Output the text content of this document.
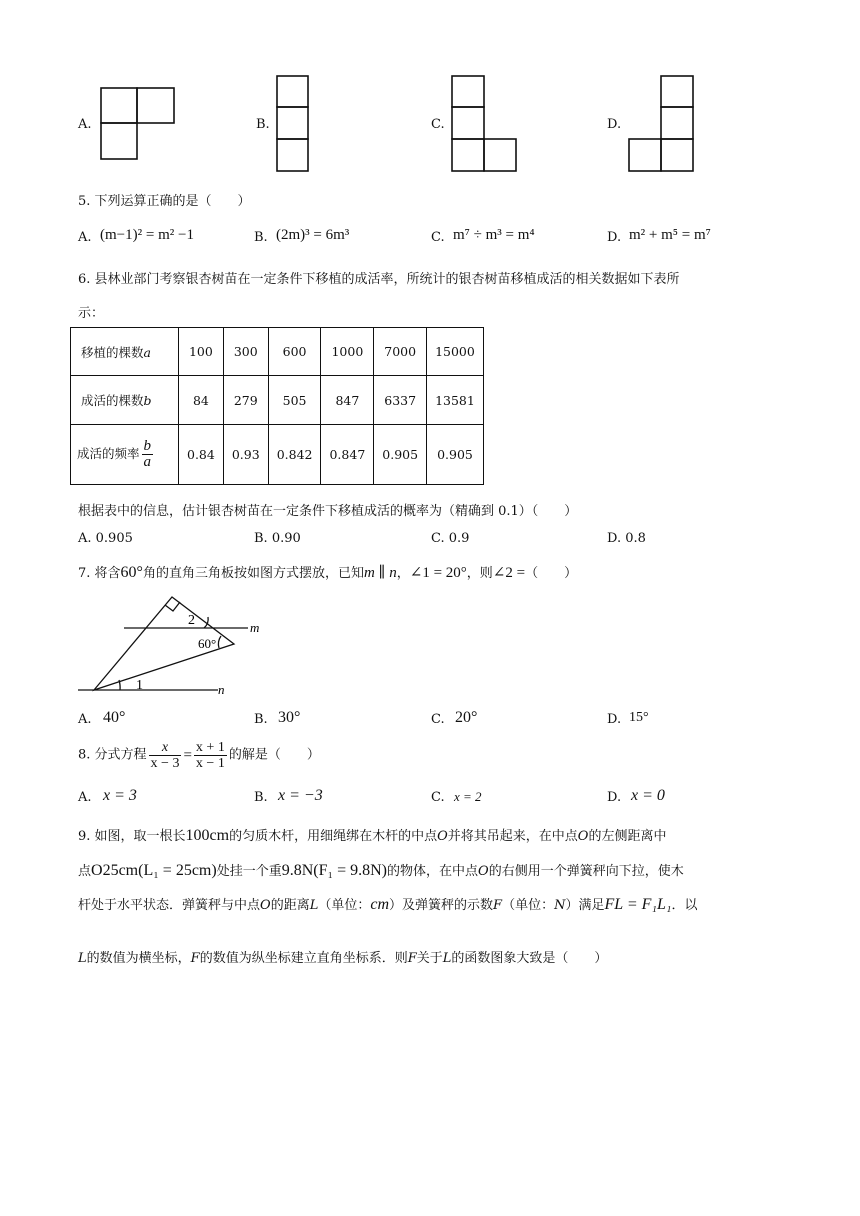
A.	B.	C.	D.
5. 下列运算正确的是（　　）
A. (m−1)² = m² −1	B. (2m)³ = 6m³	C. m⁷ ÷ m³ = m⁴	D. m² + m⁵ = m⁷
6. 县林业部门考察银杏树苗在一定条件下移植的成活率，所统计的银杏树苗移植成活的相关数据如下表所
示：
移植的棵数a	100	300	600	1000	7000	15000
成活的棵数b	84	279	505	847	6337	13581
成活的频率 $\frac{b}{a}$	0.84	0.93	0.842	0.847	0.905	0.905
根据表中的信息，估计银杏树苗在一定条件下移植成活的概率为（精确到 0.1）（　　）
A. 0.905	B. 0.90	C. 0.9	D. 0.8
7. 将含60°角的直角三角板按如图方式摆放，已知m ∥ n，∠1 = 20°，则∠2 =（　　）
2
60°
m
1	n
A. 40°	B. 30°	C. 20°	D. 15°
8. 分式方程 $\frac{x}{x - 3} = \frac{x + 1}{x - 1}$ 的解是（　　）
A. x = 3	B. x = −3	C. x = 2	D. x = 0
9. 如图，取一根长100cm的匀质木杆，用细绳绑在木杆的中点O并将其吊起来，在中点O的左侧距离中
点O25cm(L₁ = 25cm)处挂一个重9.8N(F₁ = 9.8N)的物体，在中点O的右侧用一个弹簧秤向下拉，使木
杆处于水平状态．弹簧秤与中点O的距离L（单位：cm）及弹簧秤的示数F（单位：N）满足FL = F₁L₁．以
L的数值为横坐标，F的数值为纵坐标建立直角坐标系．则F关于L的函数图象大致是（　　）
